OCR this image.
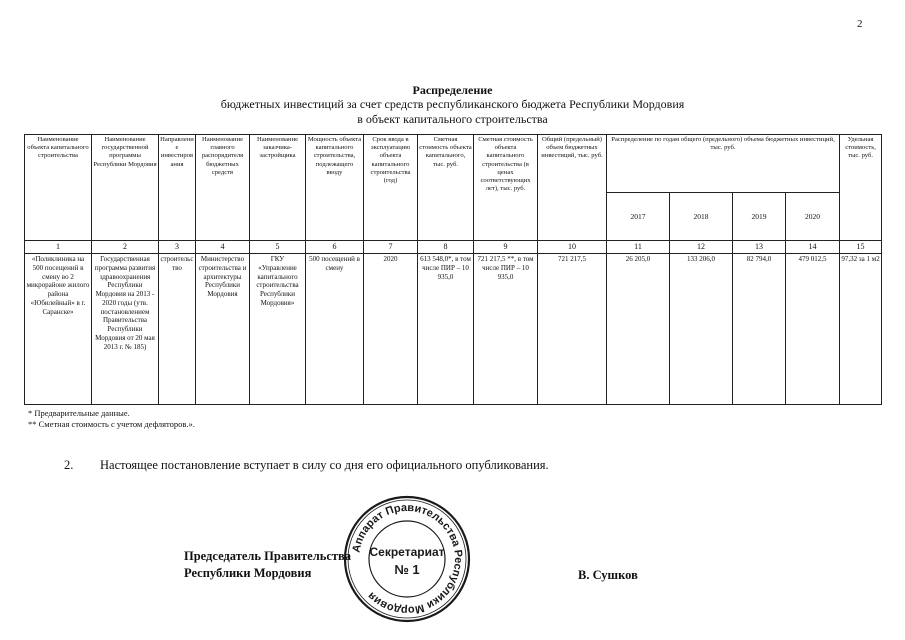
2
Распределение
бюджетных инвестиций за счет средств республиканского бюджета Республики Мордовия
в объект капитального строительства
Наименование объекта капитального строительства	Наименование государственной программы Республики Мордовия	Направление инвестирования	Наименование главного распорядителя бюджетных средств	Наименование заказчика-застройщика	Мощность объекта капитального строительства, подлежащего вводу	Срок ввода в эксплуатацию объекта капитального строительства (год)	Сметная стоимость объекта капитального, тыс. руб.	Сметная стоимость объекта капитального строительства (в ценах соответствующих лет), тыс. руб.	Общий (предельный) объем бюджетных инвестиций, тыс. руб.	Распределение по годам общего (предельного) объема бюджетных инвестиций, тыс. руб.				Удельная стоимость, тыс. руб.
										2017	2018	2019	2020	
1	2	3	4	5	6	7	8	9	10	11	12	13	14	15
«Поликлиника на 500 посещений в смену во 2 микрорайоне жилого района «Юбилейный» в г. Саранске»	Государственная программа развития здравоохранения Республики Мордовия на 2013 - 2020 годы (утв. постановлением Правительства Республики Мордовия от 20 мая 2013 г. № 185)	строительство	Министерство строительства и архитектуры Республики Мордовия	ГКУ «Управление капитального строительства Республики Мордовия»	500 посещений в смену	2020	613 548,0*, в том числе ПИР – 10 935,0	721 217,5 **, в том числе ПИР – 10 935,0	721 217,5	26 205,0	133 206,0	82 794,0	479 012,5	97,32 за 1 м2
* Предварительные данные.
** Сметная стоимость с учетом дефляторов.».
2. Настоящее постановление вступает в силу со дня его официального опубликования.
Председатель Правительства
Республики Мордовия	В. Сушков
Аппарат Правительства Республики Мордовия
Секретариат
№ 1
